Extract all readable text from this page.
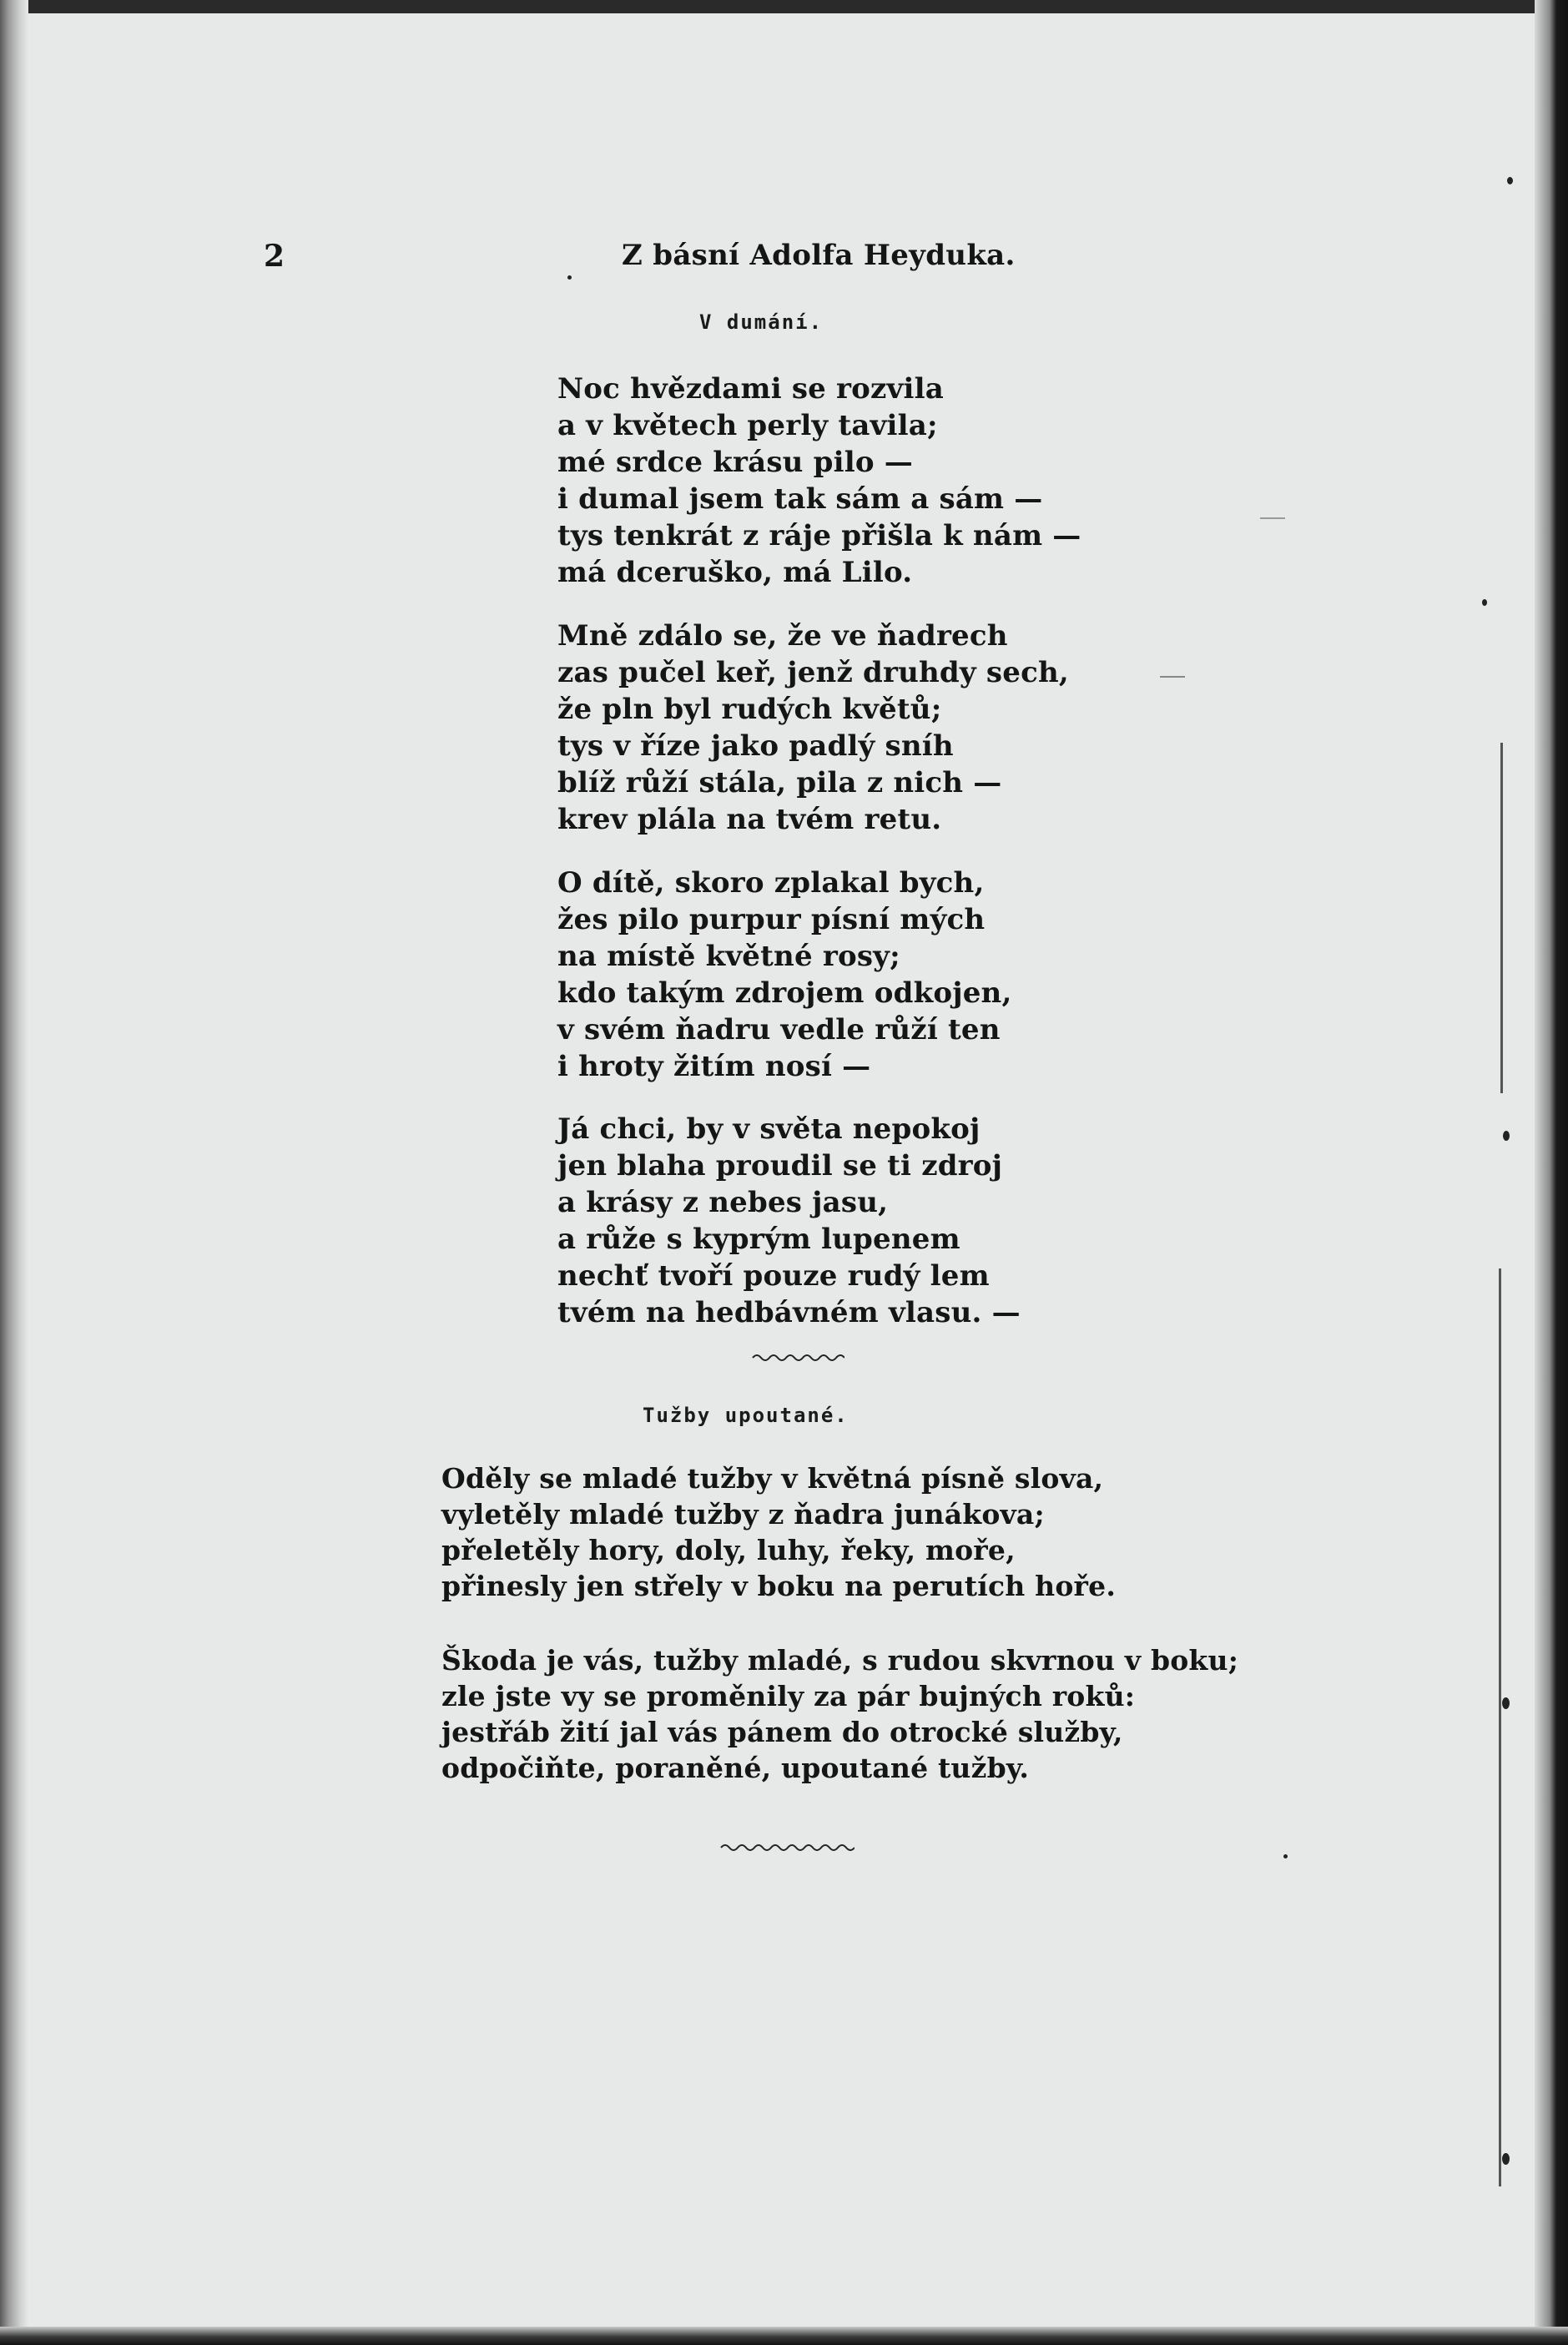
2	Z básní Adolfa Heyduka.
V dumání.
Noc hvězdami se rozvila
a v květech perly tavila;
mé srdce krásu pilo —
i dumal jsem tak sám a sám —
tys tenkrát z ráje přišla k nám —
má dceruško, má Lilo.
Mně zdálo se, že ve ňadrech
zas pučel keř, jenž druhdy sech,
že pln byl rudých květů;
tys v říze jako padlý sníh
blíž růží stála, pila z nich —
krev plála na tvém retu.
O dítě, skoro zplakal bych,
žes pilo purpur písní mých
na místě květné rosy;
kdo takým zdrojem odkojen,
v svém ňadru vedle růží ten
i hroty žitím nosí —
Já chci, by v světa nepokoj
jen blaha proudil se ti zdroj
a krásy z nebes jasu,
a růže s kyprým lupenem
nechť tvoří pouze rudý lem
tvém na hedbávném vlasu. —
Tužby upoutané.
Oděly se mladé tužby v květná písně slova,
vyletěly mladé tužby z ňadra junákova;
přeletěly hory, doly, luhy, řeky, moře,
přinesly jen střely v boku na perutích hoře.
Škoda je vás, tužby mladé, s rudou skvrnou v boku;
zle jste vy se proměnily za pár bujných roků:
jestřáb žití jal vás pánem do otrocké služby,
odpočiňte, poraněné, upoutané tužby.
